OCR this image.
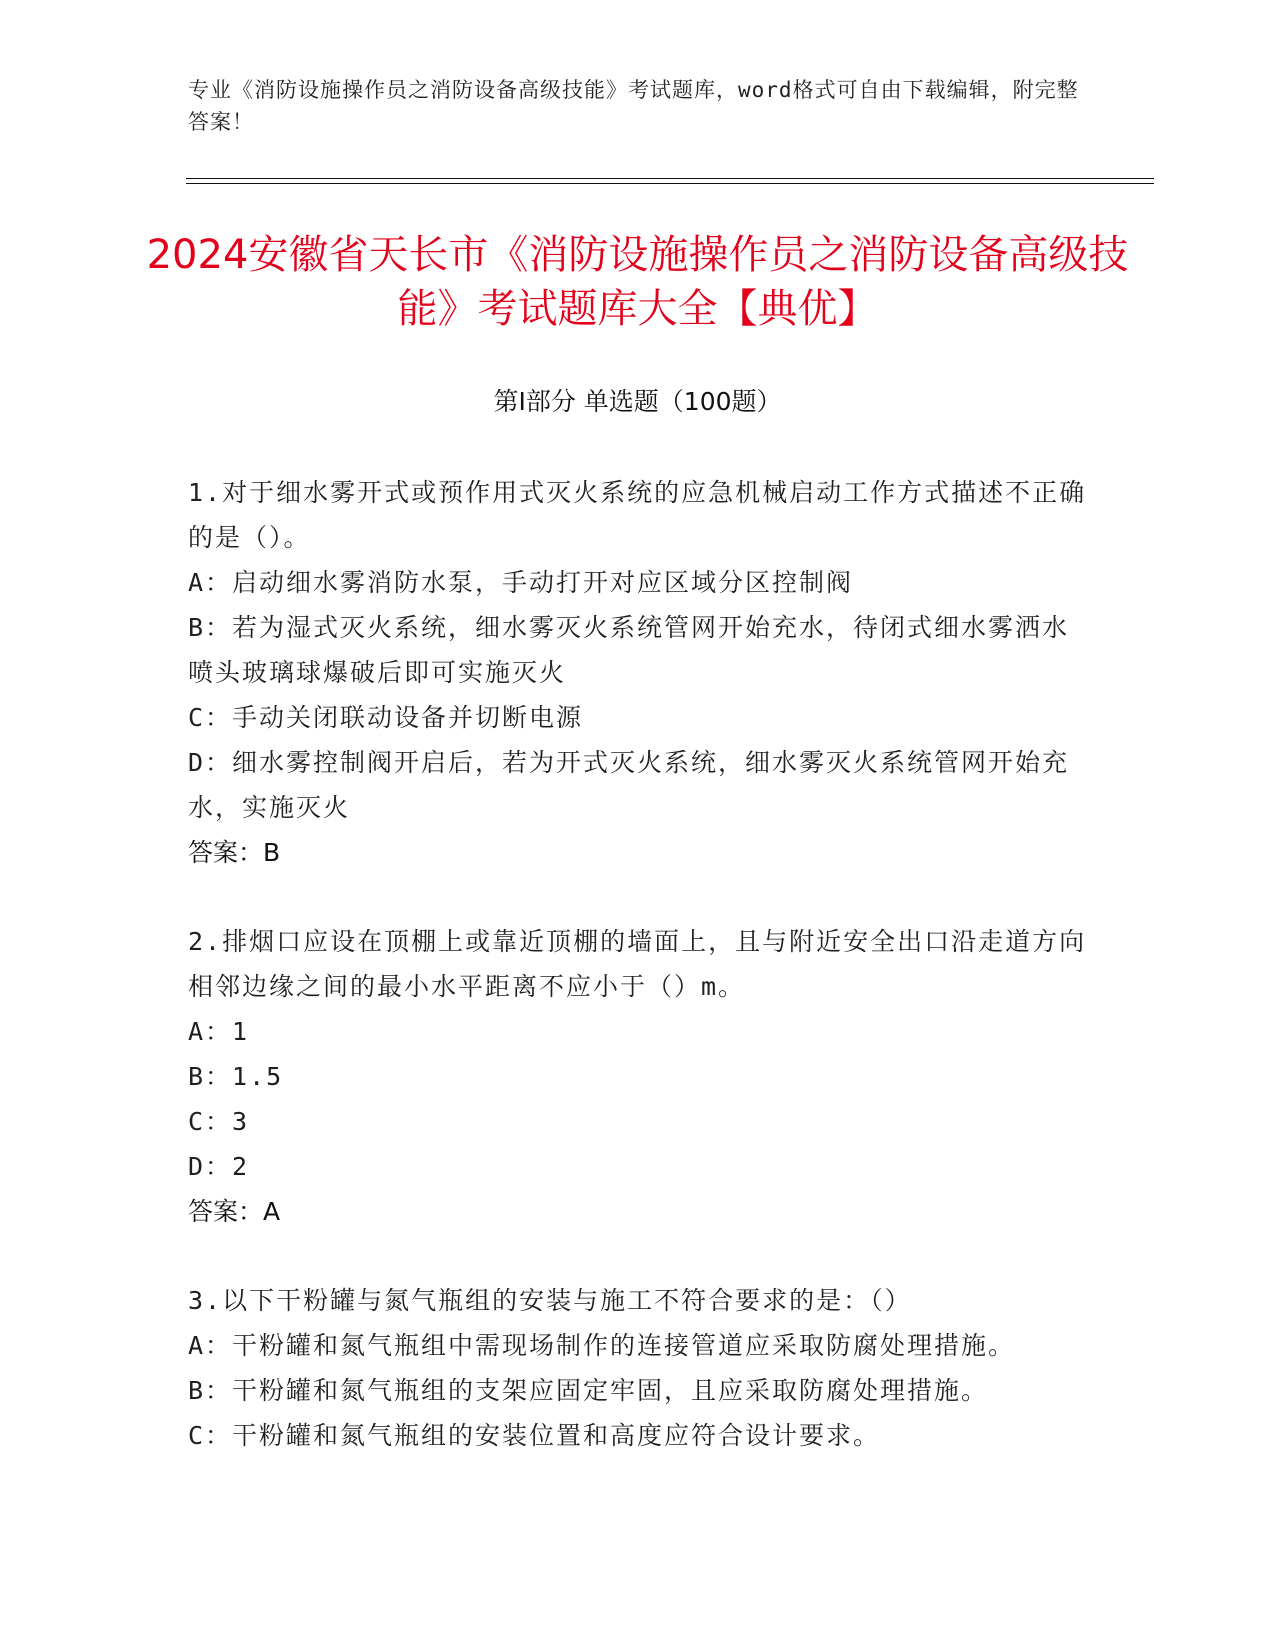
专业《消防设施操作员之消防设备高级技能》考试题库，word格式可自由下载编辑，附完整答案！
2024安徽省天长市《消防设施操作员之消防设备高级技能》考试题库大全【典优】
第Ⅰ部分 单选题（100题）
1.对于细水雾开式或预作用式灭火系统的应急机械启动工作方式描述不正确的是（）。
A：启动细水雾消防水泵，手动打开对应区域分区控制阀
B：若为湿式灭火系统，细水雾灭火系统管网开始充水，待闭式细水雾洒水喷头玻璃球爆破后即可实施灭火
C：手动关闭联动设备并切断电源
D：细水雾控制阀开启后，若为开式灭火系统，细水雾灭火系统管网开始充水，实施灭火
答案：B
2.排烟口应设在顶棚上或靠近顶棚的墙面上，且与附近安全出口沿走道方向相邻边缘之间的最小水平距离不应小于（）m。
A：1
B：1.5
C：3
D：2
答案：A
3.以下干粉罐与氮气瓶组的安装与施工不符合要求的是：（）
A：干粉罐和氮气瓶组中需现场制作的连接管道应采取防腐处理措施。
B：干粉罐和氮气瓶组的支架应固定牢固，且应采取防腐处理措施。
C：干粉罐和氮气瓶组的安装位置和高度应符合设计要求。
